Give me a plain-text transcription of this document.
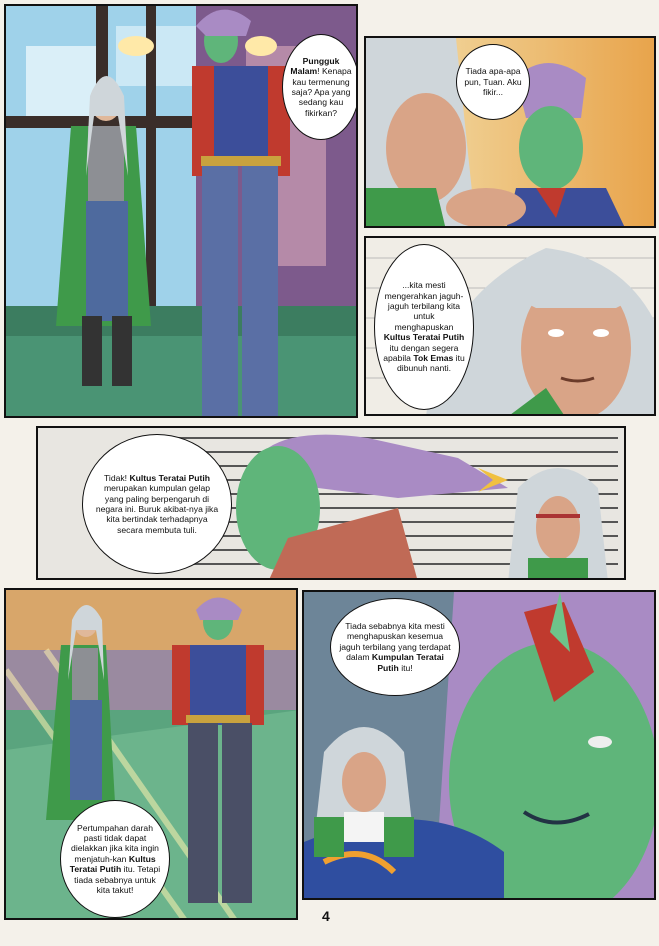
Pungguk Malam! Kenapa kau termenung saja? Apa yang sedang kau fikirkan?

Tiada apa-apa pun, Tuan. Aku fikir...

...kita mesti mengerahkan jaguh-jaguh terbilang kita untuk menghapuskan Kultus Teratai Putih itu dengan segera apabila Tok Emas itu dibunuh nanti.

Tidak! Kultus Teratai Putih merupakan kumpulan gelap yang paling berpengaruh di negara ini. Buruk akibat-nya jika kita bertindak terhadapnya secara membuta tuli.

Pertumpahan darah pasti tidak dapat dielakkan jika kita ingin menjatuh-kan Kultus Teratai Putih itu. Tetapi tiada sebabnya untuk kita takut!

Tiada sebabnya kita mesti menghapuskan kesemua jaguh terbilang yang terdapat dalam Kumpulan Teratai Putih itu!

4
